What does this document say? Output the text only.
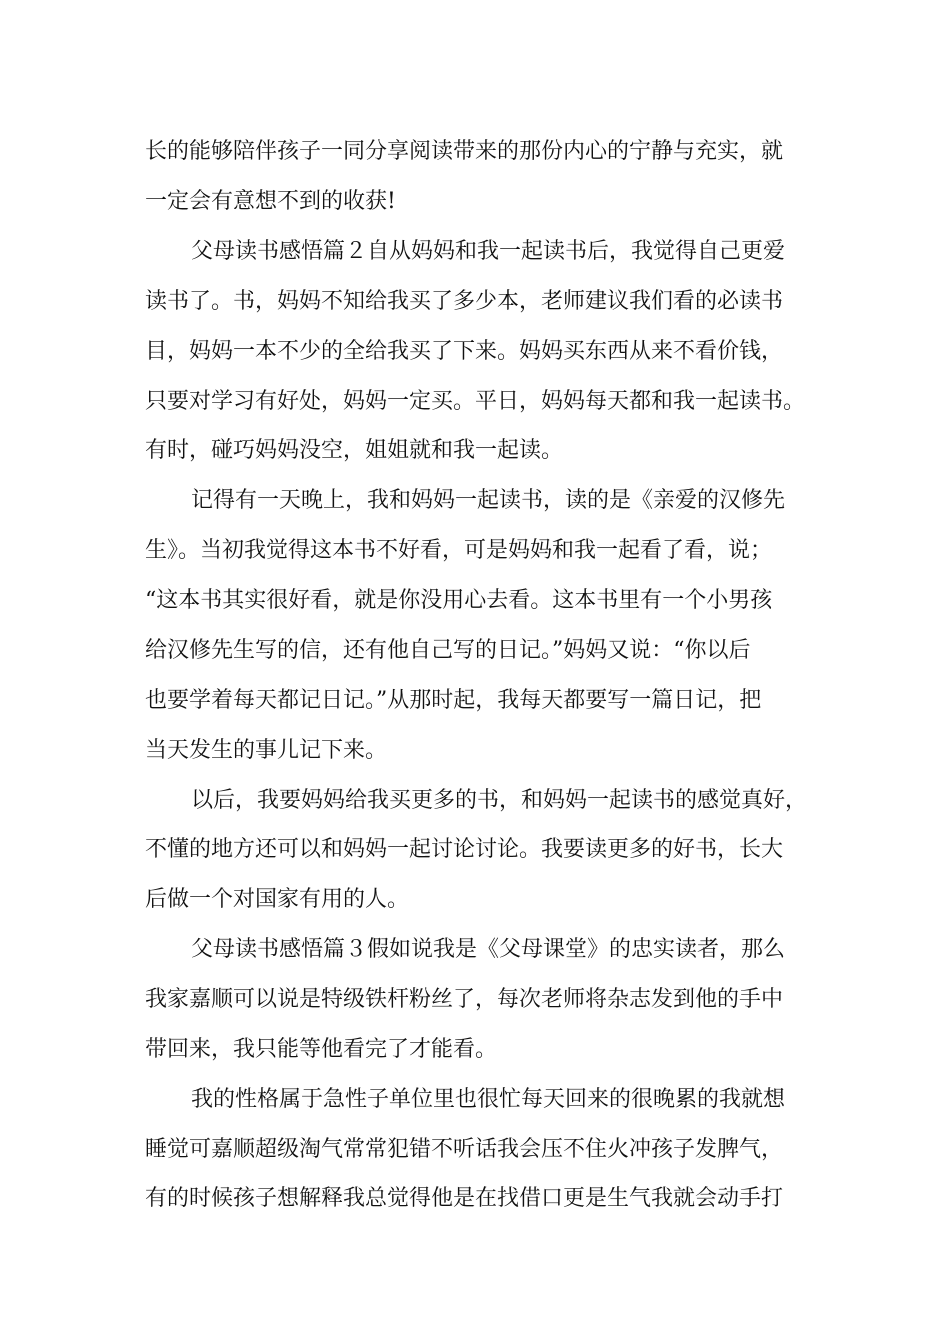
长的能够陪伴孩子一同分享阅读带来的那份内心的宁静与充实，就
一定会有意想不到的收获!
父母读书感悟篇２自从妈妈和我一起读书后，我觉得自己更爱
读书了。书，妈妈不知给我买了多少本，老师建议我们看的必读书
目，妈妈一本不少的全给我买了下来。妈妈买东西从来不看价钱，
只要对学习有好处，妈妈一定买。平日，妈妈每天都和我一起读书。
有时，碰巧妈妈没空，姐姐就和我一起读。
记得有一天晚上，我和妈妈一起读书，读的是《亲爱的汉修先
生》。当初我觉得这本书不好看，可是妈妈和我一起看了看，说；
“这本书其实很好看，就是你没用心去看。这本书里有一个小男孩
给汉修先生写的信，还有他自己写的日记。”妈妈又说：“你以后
也要学着每天都记日记。”从那时起，我每天都要写一篇日记，把
当天发生的事儿记下来。
以后，我要妈妈给我买更多的书，和妈妈一起读书的感觉真好，
不懂的地方还可以和妈妈一起讨论讨论。我要读更多的好书，长大
后做一个对国家有用的人。
父母读书感悟篇３假如说我是《父母课堂》的忠实读者，那么
我家嘉顺可以说是特级铁杆粉丝了，每次老师将杂志发到他的手中
带回来，我只能等他看完了才能看。
我的性格属于急性子单位里也很忙每天回来的很晚累的我就想
睡觉可嘉顺超级淘气常常犯错不听话我会压不住火冲孩子发脾气，
有的时候孩子想解释我总觉得他是在找借口更是生气我就会动手打
